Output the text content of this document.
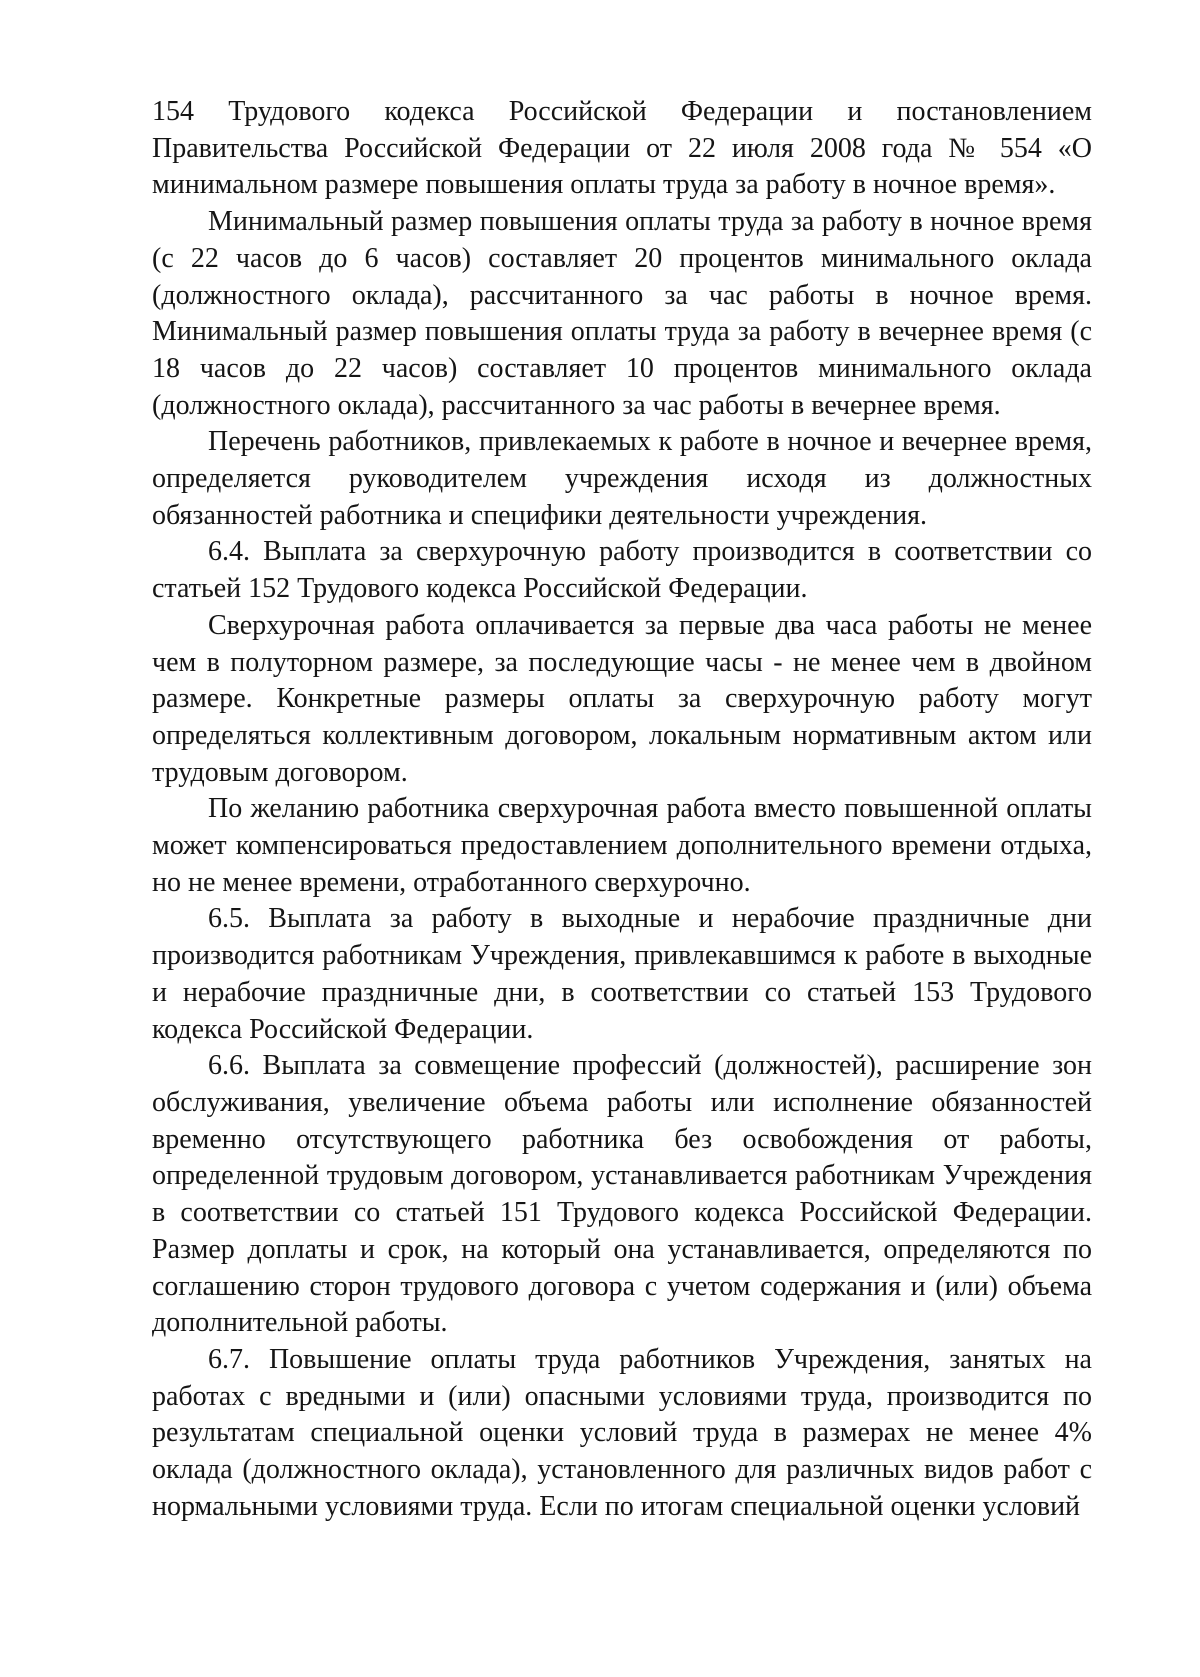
154 Трудового кодекса Российской Федерации и постановлением Правительства Российской Федерации от 22 июля 2008 года № 554 «О минимальном размере повышения оплаты труда за работу в ночное время».

Минимальный размер повышения оплаты труда за работу в ночное время (с 22 часов до 6 часов) составляет 20 процентов минимального оклада (должностного оклада), рассчитанного за час работы в ночное время. Минимальный размер повышения оплаты труда за работу в вечернее время (с 18 часов до 22 часов) составляет 10 процентов минимального оклада (должностного оклада), рассчитанного за час работы в вечернее время.

Перечень работников, привлекаемых к работе в ночное и вечернее время, определяется руководителем учреждения исходя из должностных обязанностей работника и специфики деятельности учреждения.

6.4. Выплата за сверхурочную работу производится в соответствии со статьей 152 Трудового кодекса Российской Федерации.

Сверхурочная работа оплачивается за первые два часа работы не менее чем в полуторном размере, за последующие часы - не менее чем в двойном размере. Конкретные размеры оплаты за сверхурочную работу могут определяться коллективным договором, локальным нормативным актом или трудовым договором.

По желанию работника сверхурочная работа вместо повышенной оплаты может компенсироваться предоставлением дополнительного времени отдыха, но не менее времени, отработанного сверхурочно.

6.5. Выплата за работу в выходные и нерабочие праздничные дни производится работникам Учреждения, привлекавшимся к работе в выходные и нерабочие праздничные дни, в соответствии со статьей 153 Трудового кодекса Российской Федерации.

6.6. Выплата за совмещение профессий (должностей), расширение зон обслуживания, увеличение объема работы или исполнение обязанностей временно отсутствующего работника без освобождения от работы, определенной трудовым договором, устанавливается работникам Учреждения в соответствии со статьей 151 Трудового кодекса Российской Федерации. Размер доплаты и срок, на который она устанавливается, определяются по соглашению сторон трудового договора с учетом содержания и (или) объема дополнительной работы.

6.7. Повышение оплаты труда работников Учреждения, занятых на работах с вредными и (или) опасными условиями труда, производится по результатам специальной оценки условий труда в размерах не менее 4% оклада (должностного оклада), установленного для различных видов работ с нормальными условиями труда. Если по итогам специальной оценки условий
